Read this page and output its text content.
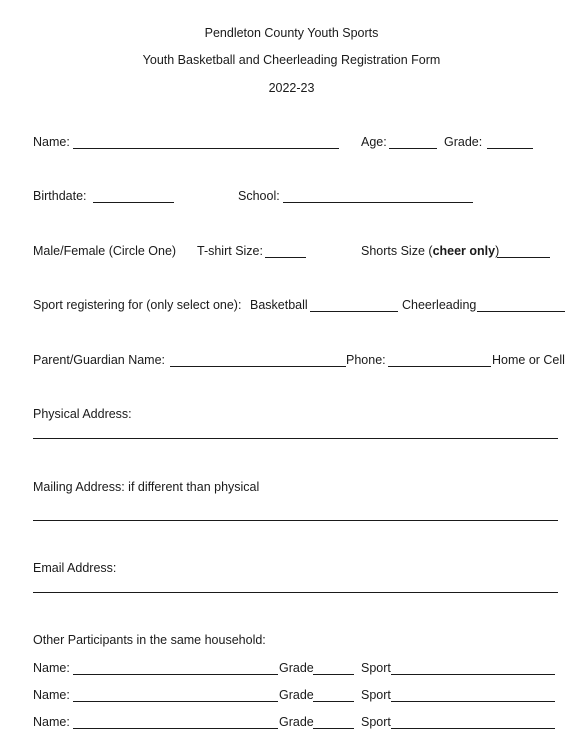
Pendleton County Youth Sports
Youth Basketball and Cheerleading Registration Form
2022-23
Name:	Age:	Grade:
Birthdate:	School:
Male/Female (Circle One) T-shirt Size:	Shorts Size (cheer only)
Sport registering for (only select one): Basketball	Cheerleading
Parent/Guardian Name:	Phone:	Home or Cell
Physical Address:
Mailing Address: if different than physical
Email Address:
Other Participants in the same household:
Name:	Grade	Sport
Name:	Grade	Sport
Name:	Grade	Sport
